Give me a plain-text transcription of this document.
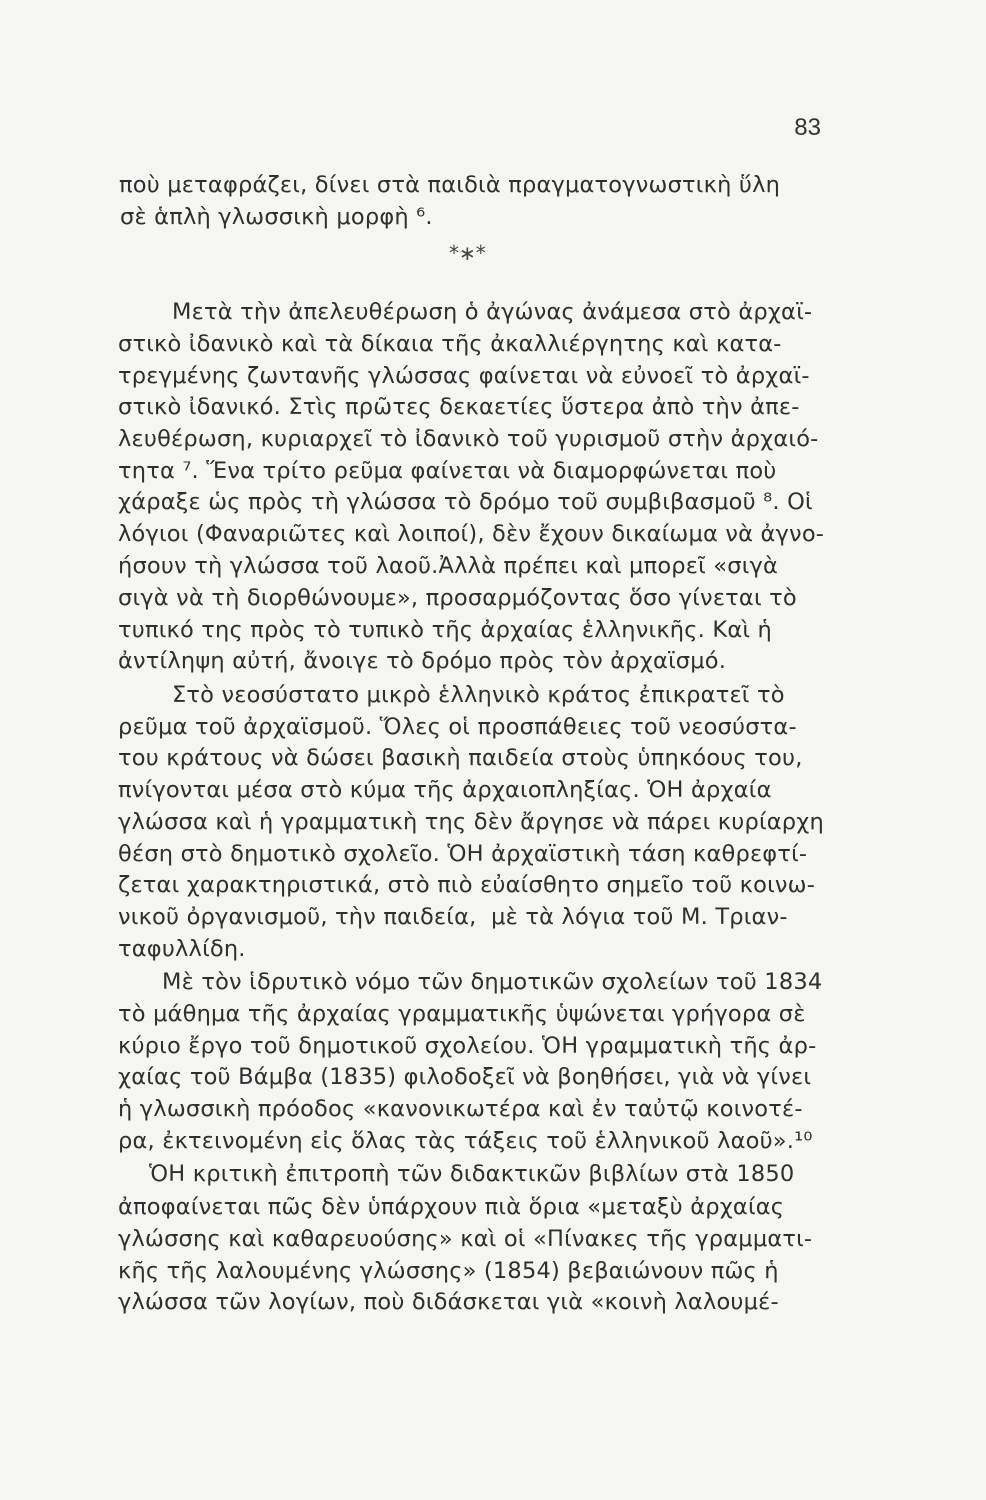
83
ποὺ μεταφράζει, δίνει στὰ παιδιὰ πραγματογνωστικὴ ὕλη
σὲ ἁπλὴ γλωσσικὴ μορφὴ ⁶.
*∗*
Μετὰ τὴν ἀπελευθέρωση ὁ ἀγώνας ἀνάμεσα στὸ ἀρχαϊ-
στικὸ ἰδανικὸ καὶ τὰ δίκαια τῆς ἀκαλλιέργητης καὶ κατα-
τρεγμένης ζωντανῆς γλώσσας φαίνεται νὰ εὐνοεῖ τὸ ἀρχαϊ-
στικὸ ἰδανικό. Στὶς πρῶτες δεκαετίες ὕστερα ἀπὸ τὴν ἀπε-
λευθέρωση, κυριαρχεῖ τὸ ἰδανικὸ τοῦ γυρισμοῦ στὴν ἀρχαιό-
τητα ⁷. Ἕνα τρίτο ρεῦμα φαίνεται νὰ διαμορφώνεται ποὺ
χάραξε ὡς πρὸς τὴ γλώσσα τὸ δρόμο τοῦ συμβιβασμοῦ ⁸. Οἱ
λόγιοι (Φαναριῶτες καὶ λοιποί), δὲν ἔχουν δικαίωμα νὰ ἀγνο-
ήσουν τὴ γλώσσα τοῦ λαοῦ.Ἀλλὰ πρέπει καὶ μπορεῖ «σιγὰ
σιγὰ νὰ τὴ διορθώνουμε», προσαρμόζοντας ὅσο γίνεται τὸ
τυπικό της πρὸς τὸ τυπικὸ τῆς ἀρχαίας ἑλληνικῆς. Καὶ ἡ
ἀντίληψη αὐτή, ἄνοιγε τὸ δρόμο πρὸς τὸν ἀρχαϊσμό.
Στὸ νεοσύστατο μικρὸ ἑλληνικὸ κράτος ἐπικρατεῖ τὸ
ρεῦμα τοῦ ἀρχαϊσμοῦ. Ὅλες οἱ προσπάθειες τοῦ νεοσύστα-
του κράτους νὰ δώσει βασικὴ παιδεία στοὺς ὑπηκόους του,
πνίγονται μέσα στὸ κύμα τῆς ἀρχαιοπληξίας. ὉΗ ἀρχαία
γλώσσα καὶ ἡ γραμματικὴ της δὲν ἄργησε νὰ πάρει κυρίαρχη
θέση στὸ δημοτικὸ σχολεῖο. ὉΗ ἀρχαϊστικὴ τάση καθρεφτί-
ζεται χαρακτηριστικά, στὸ πιὸ εὐαίσθητο σημεῖο τοῦ κοινω-
νικοῦ ὀργανισμοῦ, τὴν παιδεία,  μὲ τὰ λόγια τοῦ Μ. Τριαν-
ταφυλλίδη.
Μὲ τὸν ἱδρυτικὸ νόμο τῶν δημοτικῶν σχολείων τοῦ 1834
τὸ μάθημα τῆς ἀρχαίας γραμματικῆς ὑψώνεται γρήγορα σὲ
κύριο ἔργο τοῦ δημοτικοῦ σχολείου. ὉΗ γραμματικὴ τῆς ἀρ-
χαίας τοῦ Βάμβα (1835) φιλοδοξεῖ νὰ βοηθήσει, γιὰ νὰ γίνει
ἡ γλωσσικὴ πρόοδος «κανονικωτέρα καὶ ἐν ταὐτῷ κοινοτέ-
ρα, ἐκτεινομένη εἰς ὅλας τὰς τάξεις τοῦ ἑλληνικοῦ λαοῦ».¹⁰
ὉΗ κριτικὴ ἐπιτροπὴ τῶν διδακτικῶν βιβλίων στὰ 1850
ἀποφαίνεται πῶς δὲν ὑπάρχουν πιὰ ὅρια «μεταξὺ ἀρχαίας
γλώσσης καὶ καθαρευούσης» καὶ οἱ «Πίνακες τῆς γραμματι-
κῆς τῆς λαλουμένης γλώσσης» (1854) βεβαιώνουν πῶς ἡ
γλώσσα τῶν λογίων, ποὺ διδάσκεται γιὰ «κοινὴ λαλουμέ-
